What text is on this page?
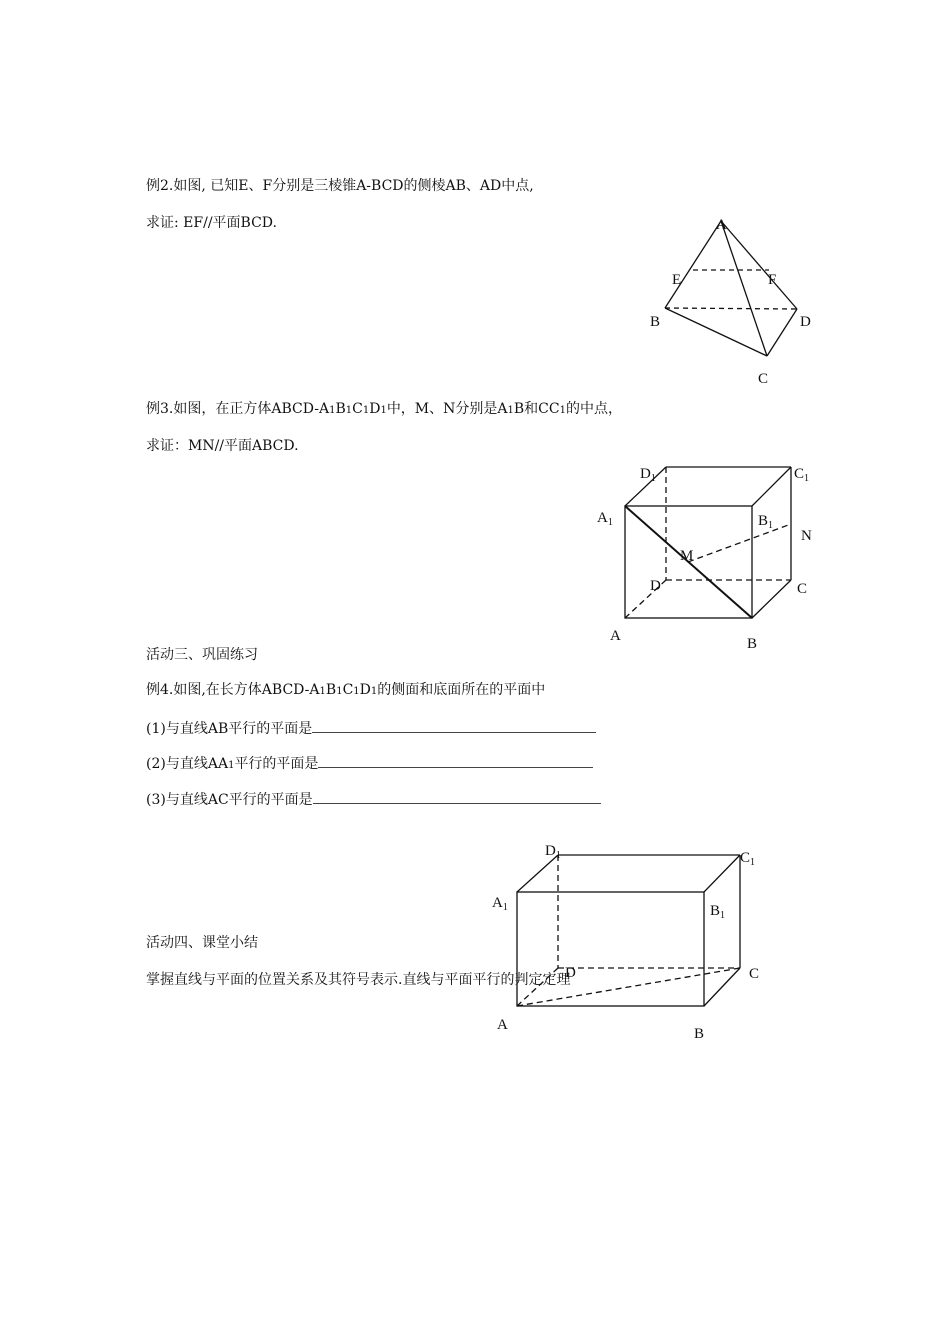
例2.如图, 已知E、F分别是三棱锥A-BCD的侧棱AB、AD中点,
求证: EF//平面BCD.	A
E	F
B	D
C
例3.如图，在正方体ABCD-A1B1C1D1中，M、N分别是A1B和CC1的中点，
求证：MN//平面ABCD.
$D_1$	$C_1$
$A_1$	$B_1$
N
M
D	C
A	B
活动三、巩固练习
例4.如图,在长方体ABCD-A1B1C1D1的侧面和底面所在的平面中
(1)与直线AB平行的平面是
(2)与直线AA1平行的平面是
(3)与直线AC平行的平面是
$D_1$	$C_1$
$A_1$	$B_1$
D	C
A
B
活动四、课堂小结
掌握直线与平面的位置关系及其符号表示.直线与平面平行的判定定理
